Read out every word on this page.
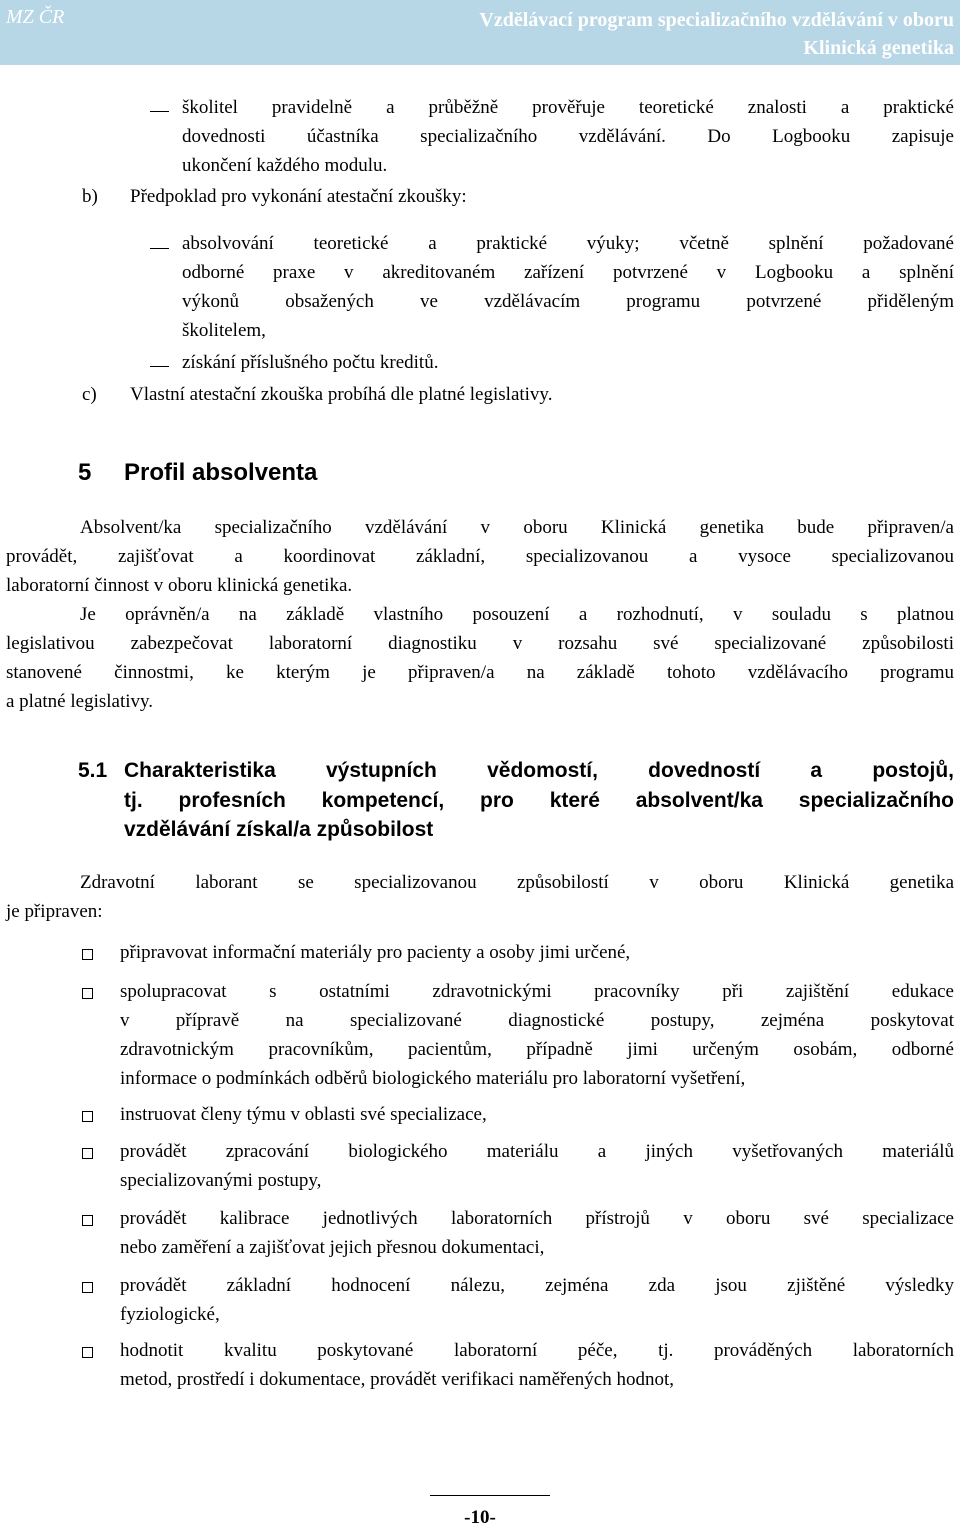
MZ ČR	Vzdělávací program specializačního vzdělávání v oboru
Klinická genetika
školitel pravidelně a průběžně prověřuje teoretické znalosti a praktické
dovednosti účastníka specializačního vzdělávání. Do Logbooku zapisuje
ukončení každého modulu.
b) Předpoklad pro vykonání atestační zkoušky:
absolvování teoretické a praktické výuky; včetně splnění požadované
odborné praxe v akreditovaném zařízení potvrzené v Logbooku a splnění
výkonů obsažených ve vzdělávacím programu potvrzené přiděleným
školitelem,
získání příslušného počtu kreditů.
c) Vlastní atestační zkouška probíhá dle platné legislativy.
5 Profil absolventa
Absolvent/ka specializačního vzdělávání v oboru Klinická genetika bude připraven/a
provádět, zajišťovat a koordinovat základní, specializovanou a vysoce specializovanou
laboratorní činnost v oboru klinická genetika.
Je oprávněn/a na základě vlastního posouzení a rozhodnutí, v souladu s platnou
legislativou zabezpečovat laboratorní diagnostiku v rozsahu své specializované způsobilosti
stanovené činnostmi, ke kterým je připraven/a na základě tohoto vzdělávacího programu
a platné legislativy.
5.1 Charakteristika výstupních vědomostí, dovedností a postojů,
tj. profesních kompetencí, pro které absolvent/ka specializačního
vzdělávání získal/a způsobilost
Zdravotní laborant se specializovanou způsobilostí v oboru Klinická genetika
je připraven:
připravovat informační materiály pro pacienty a osoby jimi určené,
spolupracovat s ostatními zdravotnickými pracovníky při zajištění edukace
v přípravě na specializované diagnostické postupy, zejména poskytovat
zdravotnickým pracovníkům, pacientům, případně jimi určeným osobám, odborné
informace o podmínkách odběrů biologického materiálu pro laboratorní vyšetření,
instruovat členy týmu v oblasti své specializace,
provádět zpracování biologického materiálu a jiných vyšetřovaných materiálů
specializovanými postupy,
provádět kalibrace jednotlivých laboratorních přístrojů v oboru své specializace
nebo zaměření a zajišťovat jejich přesnou dokumentaci,
provádět základní hodnocení nálezu, zejména zda jsou zjištěné výsledky
fyziologické,
hodnotit kvalitu poskytované laboratorní péče, tj. prováděných laboratorních
metod, prostředí i dokumentace, provádět verifikaci naměřených hodnot,
-10-
